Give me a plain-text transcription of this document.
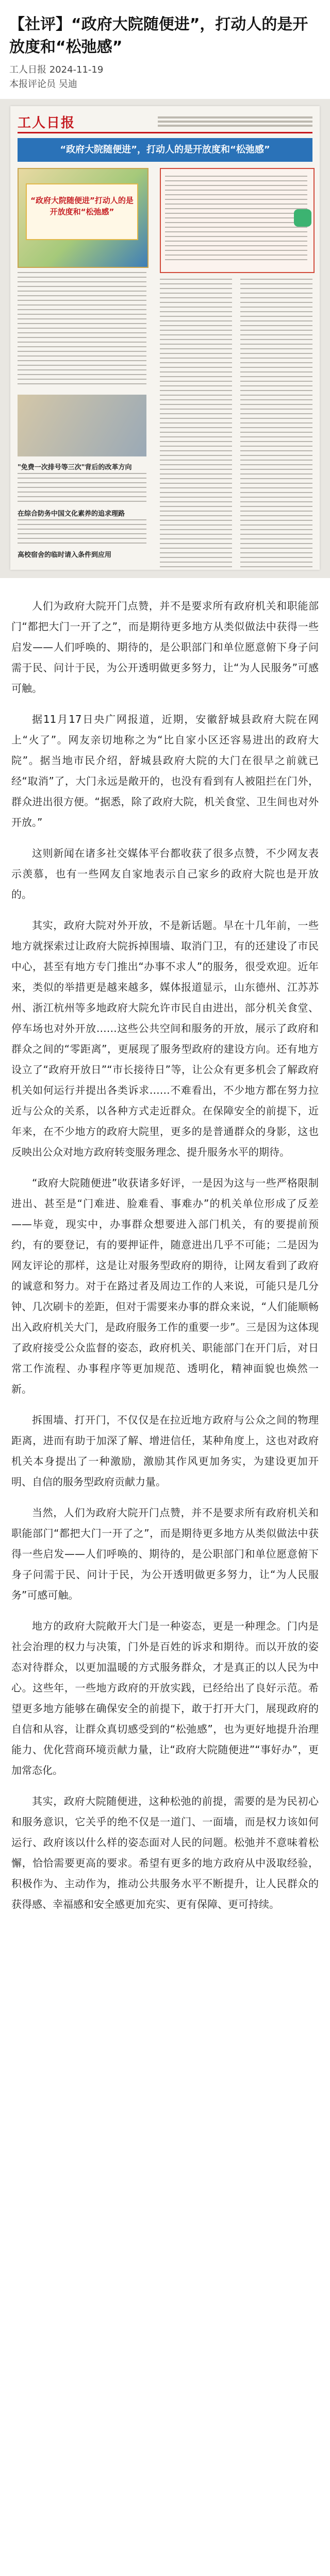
【社评】“政府大院随便进”，打动人的是开放度和“松弛感”
工人日报 2024-11-19
本报评论员 吴迪
工人日报
“政府大院随便进”，打动人的是开放度和“松弛感”
“政府大院随便进”打动人的是开放度和“松弛感”
"免费一次排号等三次"背后的改革方向
在综合防务中国文化素养的追求理路
高校宿舍的临时请入条件到应用

人们为政府大院开门点赞，并不是要求所有政府机关和职能部门“都把大门一开了之”，而是期待更多地方从类似做法中获得一些启发——人们呼唤的、期待的，是公职部门和单位愿意俯下身子问需于民、问计于民，为公开透明做更多努力，让“为人民服务”可感可触。

据11月17日央广网报道，近期，安徽舒城县政府大院在网上“火了”。网友亲切地称之为“比自家小区还容易进出的政府大院”。据当地市民介绍，舒城县政府大院的大门在很早之前就已经“取消”了，大门永远是敞开的，也没有看到有人被阻拦在门外，群众进出很方便。“据悉，除了政府大院，机关食堂、卫生间也对外开放。”

这则新闻在诸多社交媒体平台都收获了很多点赞，不少网友表示羡慕，也有一些网友自家地表示自己家乡的政府大院也是开放的。

其实，政府大院对外开放，不是新话题。早在十几年前，一些地方就探索过让政府大院拆掉围墙、取消门卫，有的还建设了市民中心，甚至有地方专门推出“办事不求人”的服务，很受欢迎。近年来，类似的举措更是越来越多，媒体报道显示，山东德州、江苏苏州、浙江杭州等多地政府大院允许市民自由进出，部分机关食堂、停车场也对外开放……这些公共空间和服务的开放，展示了政府和群众之间的“零距离”，更展现了服务型政府的建设方向。还有地方设立了“政府开放日”“市长接待日”等，让公众有更多机会了解政府机关如何运行并提出各类诉求……不难看出，不少地方都在努力拉近与公众的关系，以各种方式走近群众。在保障安全的前提下，近年来，在不少地方的政府大院里，更多的是普通群众的身影，这也反映出公众对地方政府转变服务理念、提升服务水平的期待。

“政府大院随便进”收获诸多好评，一是因为这与一些严格限制进出、甚至是“门难进、脸难看、事难办”的机关单位形成了反差——毕竟，现实中，办事群众想要进入部门机关，有的要提前预约，有的要登记，有的要押证件，随意进出几乎不可能；二是因为网友评论的那样，这是让对服务型政府的期待，让网友看到了政府的诚意和努力。对于在路过者及周边工作的人来说，可能只是几分钟、几次刷卡的差距，但对于需要来办事的群众来说，“人们能顺畅出入政府机关大门，是政府服务工作的重要一步”。三是因为这体现了政府接受公众监督的姿态，政府机关、职能部门在开门后，对日常工作流程、办事程序等更加规范、透明化，精神面貌也焕然一新。

拆围墙、打开门，不仅仅是在拉近地方政府与公众之间的物理距离，进而有助于加深了解、增进信任，某种角度上，这也对政府机关本身提出了一种激励，激励其作风更加务实，为建设更加开明、自信的服务型政府贡献力量。

当然，人们为政府大院开门点赞，并不是要求所有政府机关和职能部门“都把大门一开了之”，而是期待更多地方从类似做法中获得一些启发——人们呼唤的、期待的，是公职部门和单位愿意俯下身子问需于民、问计于民，为公开透明做更多努力，让“为人民服务”可感可触。

地方的政府大院敞开大门是一种姿态，更是一种理念。门内是社会治理的权力与决策，门外是百姓的诉求和期待。而以开放的姿态对待群众，以更加温暖的方式服务群众，才是真正的以人民为中心。这些年，一些地方政府的开放实践，已经给出了良好示范。希望更多地方能够在确保安全的前提下，敢于打开大门，展现政府的自信和从容，让群众真切感受到的“松弛感”，也为更好地提升治理能力、优化营商环境贡献力量，让“政府大院随便进”“事好办”，更加常态化。

其实，政府大院随便进，这种松弛的前提，需要的是为民初心和服务意识，它关乎的绝不仅是一道门、一面墙，而是权力该如何运行、政府该以什么样的姿态面对人民的问题。松弛并不意味着松懈，恰恰需要更高的要求。希望有更多的地方政府从中汲取经验，积极作为、主动作为，推动公共服务水平不断提升，让人民群众的获得感、幸福感和安全感更加充实、更有保障、更可持续。
